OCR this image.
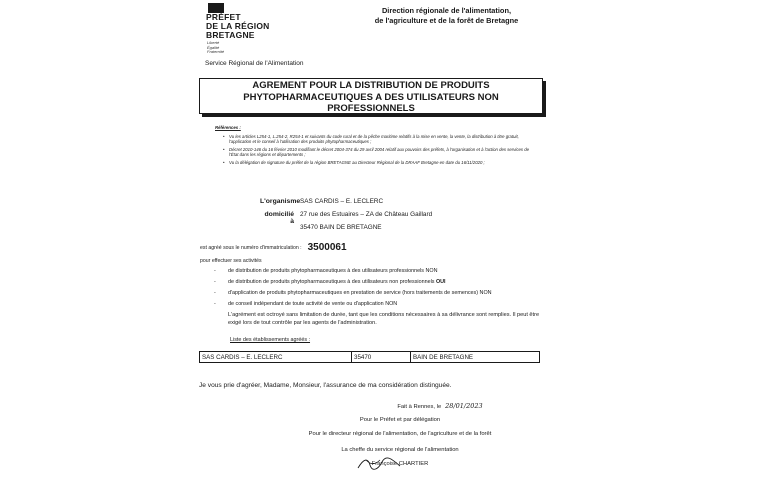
PRÉFET
DE LA RÉGION
BRETAGNE
Liberté
Égalité
Fraternité
Service Régional de l'Alimentation
Direction régionale de l'alimentation,
de l'agriculture et de la forêt de Bretagne
AGREMENT POUR LA DISTRIBUTION DE PRODUITS
PHYTOPHARMACEUTIQUES A DES UTILISATEURS NON
PROFESSIONNELS
Références :
• Vu les articles L254-1, L.254-2, R254-1 et suivants du code rural et de la pêche maritime relatifs à la mise en vente, la vente, la distribution à titre gratuit, l'application et le conseil à l'utilisation des produits phytopharmaceutiques ;
• Décret 2010-146 du 16 février 2010 modifiant le décret 2004-374 du 29 avril 2004 relatif aux pouvoirs des préfets, à l'organisation et à l'action des services de l'État dans les régions et départements ;
• Vu la délégation de signature du préfet de la région BRETAGNE au Directeur Régional de la DRAAF Bretagne en date du 16/11/2020 ;
L'organisme SAS CARDIS – E. LECLERC
domicilié à
27 rue des Estuaires – ZA de Château Gaillard
35470 BAIN DE BRETAGNE
est agréé sous le numéro d'immatriculation : 3500061
pour effectuer ses activités
- de distribution de produits phytopharmaceutiques à des utilisateurs professionnels NON
- de distribution de produits phytopharmaceutiques à des utilisateurs non professionnels OUI
- d'application de produits phytopharmaceutiques en prestation de service (hors traitements de semences) NON
- de conseil indépendant de toute activité de vente ou d'application NON
L'agrément est octroyé sans limitation de durée, tant que les conditions nécessaires à sa délivrance sont remplies. Il peut être exigé lors de tout contrôle par les agents de l'administration.
Liste des établissements agréés :
SAS CARDIS – E. LECLERC	35470	BAIN DE BRETAGNE
Je vous prie d'agréer, Madame, Monsieur, l'assurance de ma considération distinguée.
Fait à Rennes, le 28/01/2023
Pour le Préfet et par délégation
Pour le directeur régional de l'alimentation, de l'agriculture et de la forêt
La cheffe du service régional de l'alimentation
Françoise CHARTIER
